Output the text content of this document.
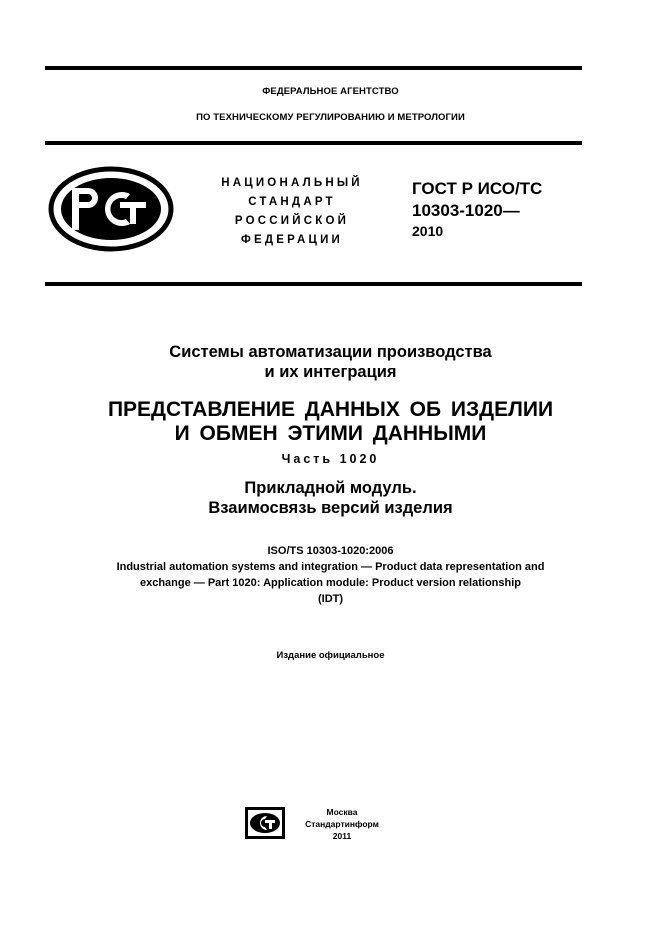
ФЕДЕРАЛЬНОЕ АГЕНТСТВО
ПО ТЕХНИЧЕСКОМУ РЕГУЛИРОВАНИЮ И МЕТРОЛОГИИ
НАЦИОНАЛЬНЫЙ
СТАНДАРТ
РОССИЙСКОЙ
ФЕДЕРАЦИИ
ГОСТ Р ИСО/ТС
10303-1020—
2010
Системы автоматизации производства
и их интеграция
ПРЕДСТАВЛЕНИЕ ДАННЫХ ОБ ИЗДЕЛИИ
И ОБМЕН ЭТИМИ ДАННЫМИ
Часть 1020
Прикладной модуль.
Взаимосвязь версий изделия
ISO/TS 10303-1020:2006
Industrial automation systems and integration — Product data representation and
exchange — Part 1020: Application module: Product version relationship
(IDT)
Издание официальное
Москва
Стандартинформ
2011
